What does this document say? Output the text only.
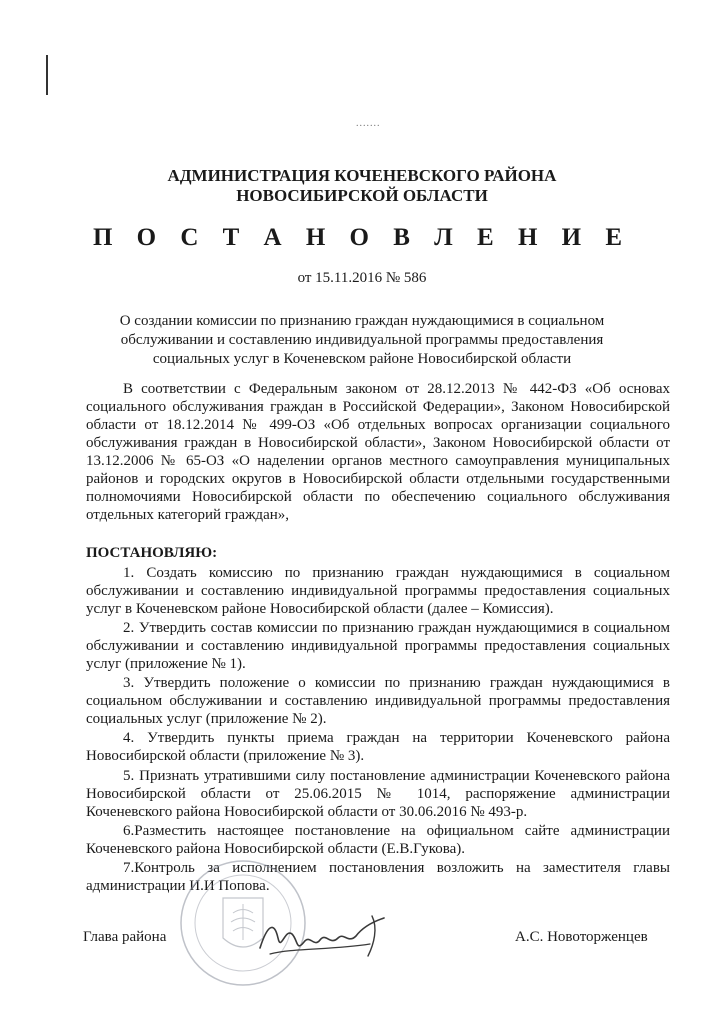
.......
АДМИНИСТРАЦИЯ КОЧЕНЕВСКОГО РАЙОНА
НОВОСИБИРСКОЙ ОБЛАСТИ
П О С Т А Н О В Л Е Н И Е
от 15.11.2016 № 586
О создании комиссии по признанию граждан нуждающимися в социальном обслуживании и составлению индивидуальной программы предоставления социальных услуг в Коченевском районе Новосибирской области
В соответствии с Федеральным законом от 28.12.2013 № 442-ФЗ «Об основах социального обслуживания граждан в Российской Федерации», Законом Новосибирской области от 18.12.2014 № 499-ОЗ «Об отдельных вопросах организации социального обслуживания граждан в Новосибирской области», Законом Новосибирской области от 13.12.2006 № 65-ОЗ «О наделении органов местного самоуправления муниципальных районов и городских округов в Новосибирской области отдельными государственными полномочиями Новосибирской области по обеспечению социального обслуживания отдельных категорий граждан»,
ПОСТАНОВЛЯЮ:
1. Создать комиссию по признанию граждан нуждающимися в социальном обслуживании и составлению индивидуальной программы предоставления социальных услуг в Коченевском районе Новосибирской области (далее – Комиссия).
2. Утвердить состав комиссии по признанию граждан нуждающимися в социальном обслуживании и составлению индивидуальной программы предоставления социальных услуг (приложение № 1).
3. Утвердить положение о комиссии по признанию граждан нуждающимися в социальном обслуживании и составлению индивидуальной программы предоставления социальных услуг (приложение № 2).
4. Утвердить пункты приема граждан на территории Коченевского района Новосибирской области (приложение № 3).
5. Признать утратившими силу постановление администрации Коченевского района Новосибирской области от 25.06.2015 № 1014, распоряжение администрации Коченевского района Новосибирской области от 30.06.2016 № 493-р.
6.Разместить настоящее постановление на официальном сайте администрации Коченевского района Новосибирской области (Е.В.Гукова).
7.Контроль за исполнением постановления возложить на заместителя главы администрации И.И Попова.
Глава района	А.С. Новоторженцев
